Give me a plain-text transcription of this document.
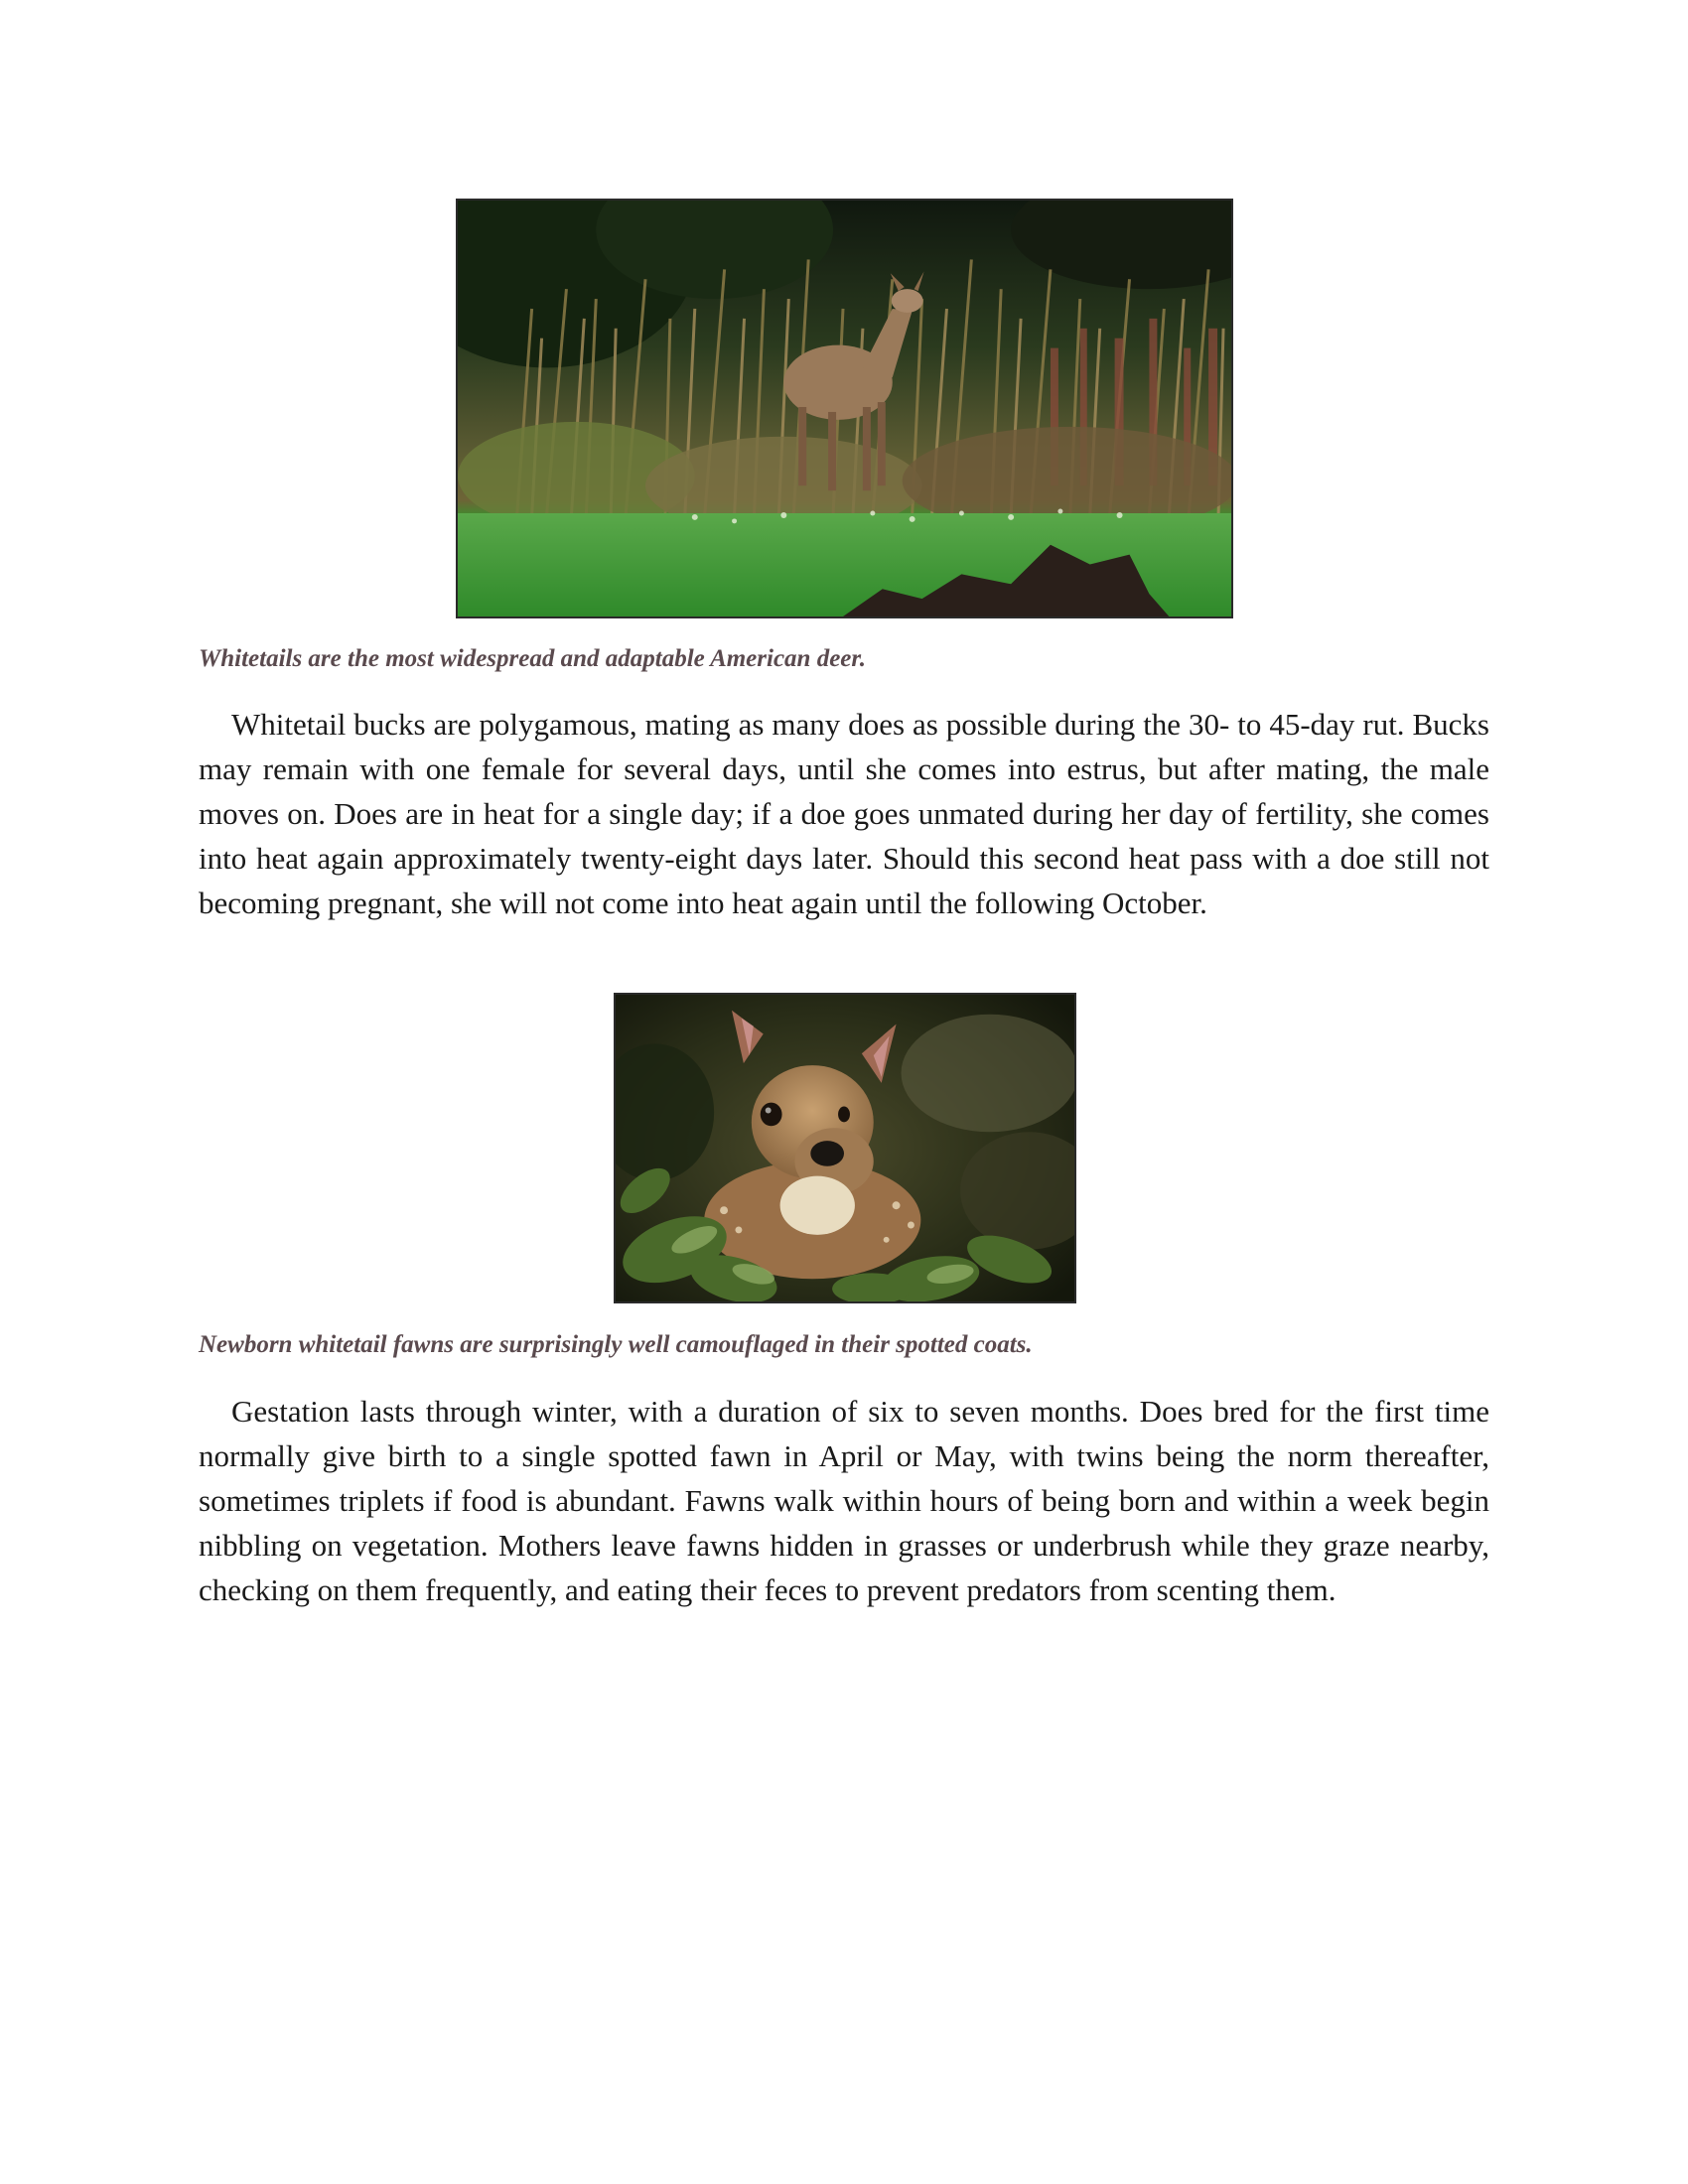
Whitetails are the most widespread and adaptable American deer.

Whitetail bucks are polygamous, mating as many does as possible during the 30- to 45-day rut. Bucks may remain with one female for several days, until she comes into estrus, but after mating, the male moves on. Does are in heat for a single day; if a doe goes unmated during her day of fertility, she comes into heat again approximately twenty-eight days later. Should this second heat pass with a doe still not becoming pregnant, she will not come into heat again until the following October.

Newborn whitetail fawns are surprisingly well camouflaged in their spotted coats.

Gestation lasts through winter, with a duration of six to seven months. Does bred for the first time normally give birth to a single spotted fawn in April or May, with twins being the norm thereafter, sometimes triplets if food is abundant. Fawns walk within hours of being born and within a week begin nibbling on vegetation. Mothers leave fawns hidden in grasses or underbrush while they graze nearby, checking on them frequently, and eating their feces to prevent predators from scenting them.
